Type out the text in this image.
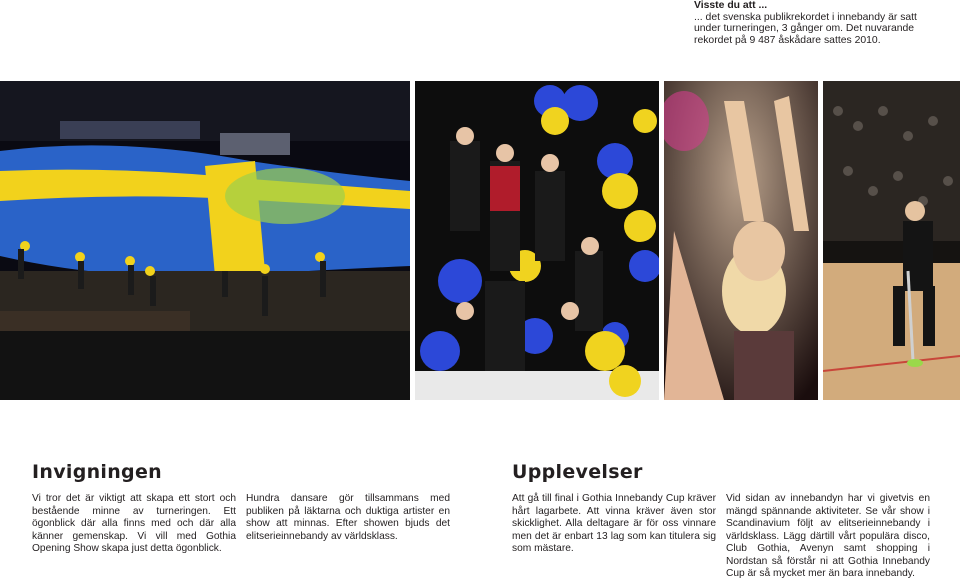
Visste du att ...
... det svenska publikrekordet i innebandy är satt under turneringen, 3 gånger om. Det nuvarande rekordet på 9 487 åskådare sattes 2010.
Invigningen
Vi tror det är viktigt att skapa ett stort och bestående minne av turneringen. Ett ögonblick där alla finns med och där alla känner gemenskap. Vi vill med Gothia Opening Show skapa just detta ögonblick.
Hundra dansare gör tillsammans med publiken på läktarna och duktiga artister en show att minnas. Efter showen bjuds det elitserieinnebandy av världsklass.
Upplevelser
Att gå till final i Gothia Innebandy Cup kräver hårt lagarbete. Att vinna kräver även stor skicklighet. Alla deltagare är för oss vinnare men det är enbart 13 lag som kan titulera sig som mästare.
Vid sidan av innebandyn har vi givetvis en mängd spännande aktiviteter. Se vår show i Scandinavium följt av elitserieinnebandy i världsklass. Lägg därtill vårt populära disco, Club Gothia, Avenyn samt shopping i Nordstan så förstår ni att Gothia Innebandy Cup är så mycket mer än bara innebandy.
